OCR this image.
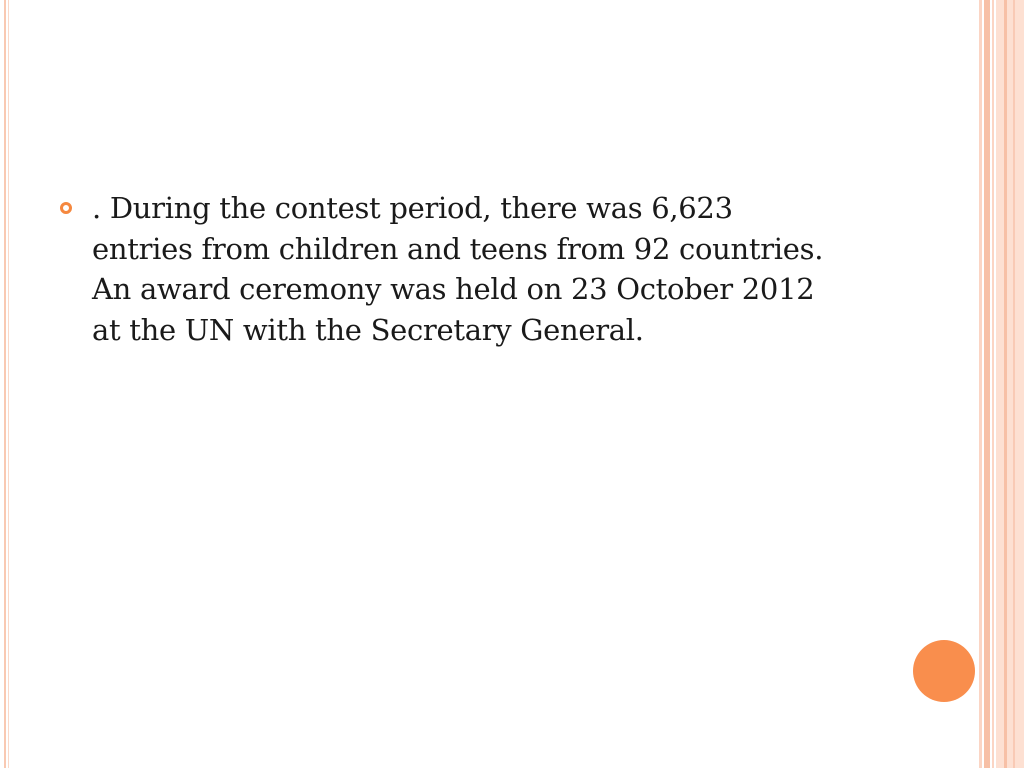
. During the contest period, there was 6,623 entries from children and teens from 92 countries. An award ceremony was held on 23 October 2012 at the UN with the Secretary General.
